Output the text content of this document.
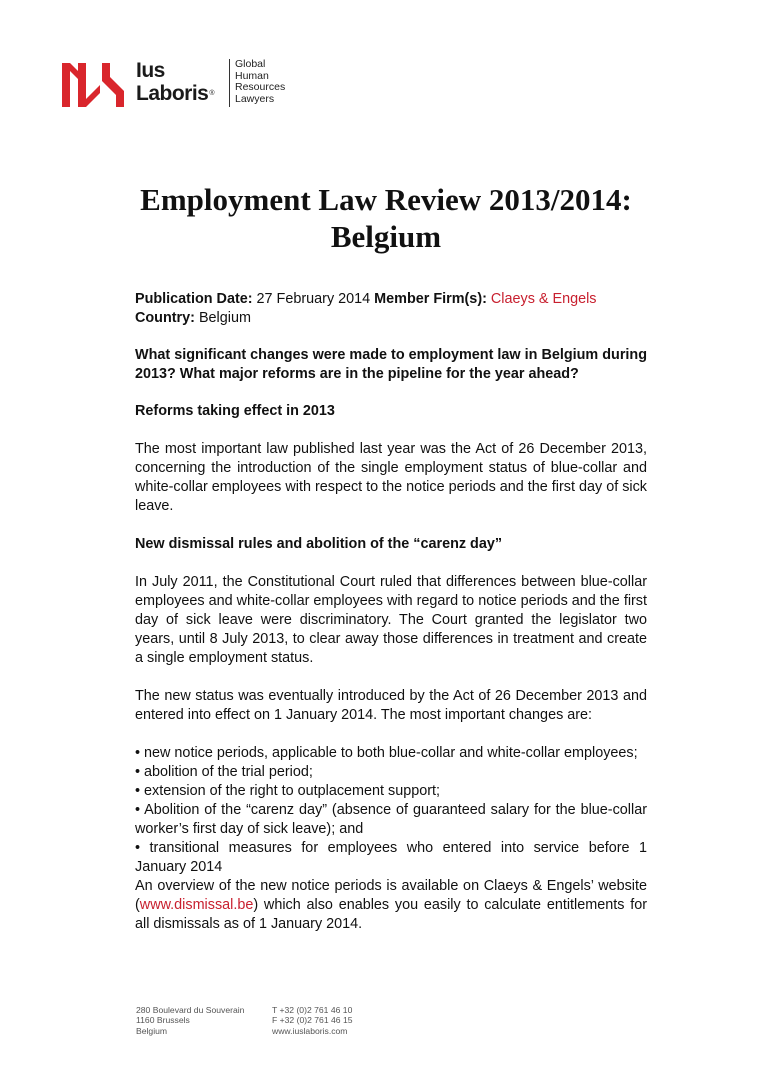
Ius
Laboris®
Global
Human
Resources
Lawyers
Employment Law Review 2013/2014:
Belgium

Publication Date: 27 February 2014 Member Firm(s): Claeys & Engels

Country: Belgium

What significant changes were made to employment law in Belgium during 2013? What major reforms are in the pipeline for the year ahead?

Reforms taking effect in 2013

The most important law published last year was the Act of 26 December 2013, concerning the introduction of the single employment status of blue-collar and white-collar employees with respect to the notice periods and the first day of sick leave.

New dismissal rules and abolition of the “carenz day”

In July 2011, the Constitutional Court ruled that differences between blue-collar employees and white-collar employees with regard to notice periods and the first day of sick leave were discriminatory. The Court granted the legislator two years, until 8 July 2013, to clear away those differences in treatment and create a single employment status.

The new status was eventually introduced by the Act of 26 December 2013 and entered into effect on 1 January 2014. The most important changes are:

• new notice periods, applicable to both blue-collar and white-collar employees;
• abolition of the trial period;
• extension of the right to outplacement support;
• Abolition of the “carenz day” (absence of guaranteed salary for the blue-collar worker’s first day of sick leave); and
• transitional measures for employees who entered into service before 1 January 2014

An overview of the new notice periods is available on Claeys & Engels’ website (www.dismissal.be) which also enables you easily to calculate entitlements for all dismissals as of 1 January 2014.

280 Boulevard du Souverain
1160 Brussels
Belgium
T +32 (0)2 761 46 10
F +32 (0)2 761 46 15
www.iuslaboris.com
